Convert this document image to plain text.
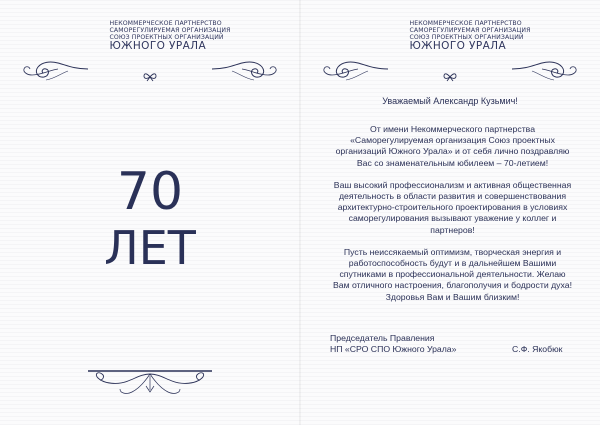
НЕКОММЕРЧЕСКОЕ ПАРТНЕРСТВО
САМОРЕГУЛИРУЕМАЯ ОРГАНИЗАЦИЯ
СОЮЗ ПРОЕКТНЫХ ОРГАНИЗАЦИЙ
ЮЖНОГО УРАЛА
70
ЛЕТ
НЕКОММЕРЧЕСКОЕ ПАРТНЕРСТВО
САМОРЕГУЛИРУЕМАЯ ОРГАНИЗАЦИЯ
СОЮЗ ПРОЕКТНЫХ ОРГАНИЗАЦИЙ
ЮЖНОГО УРАЛА
Уважаемый Александр Кузьмич!

От имени Некоммерческого партнерства «Саморегулируемая организация Союз проектных организаций Южного Урала» и от себя лично поздравляю Вас со знаменательным юбилеем – 70-летием!

Ваш высокий профессионализм и активная общественная деятельность в области развития и совершенствования архитектурно-строительного проектирования в условиях саморегулирования вызывают уважение у коллег и партнеров!

Пусть неиссякаемый оптимизм, творческая энергия и работоспособность будут и в дальнейшем Вашими спутниками в профессиональной деятельности. Желаю Вам отличного настроения, благополучия и бодрости духа! Здоровья Вам и Вашим близким!

Председатель Правления
НП «СРО СПО Южного Урала»	С.Ф. Якобюк
